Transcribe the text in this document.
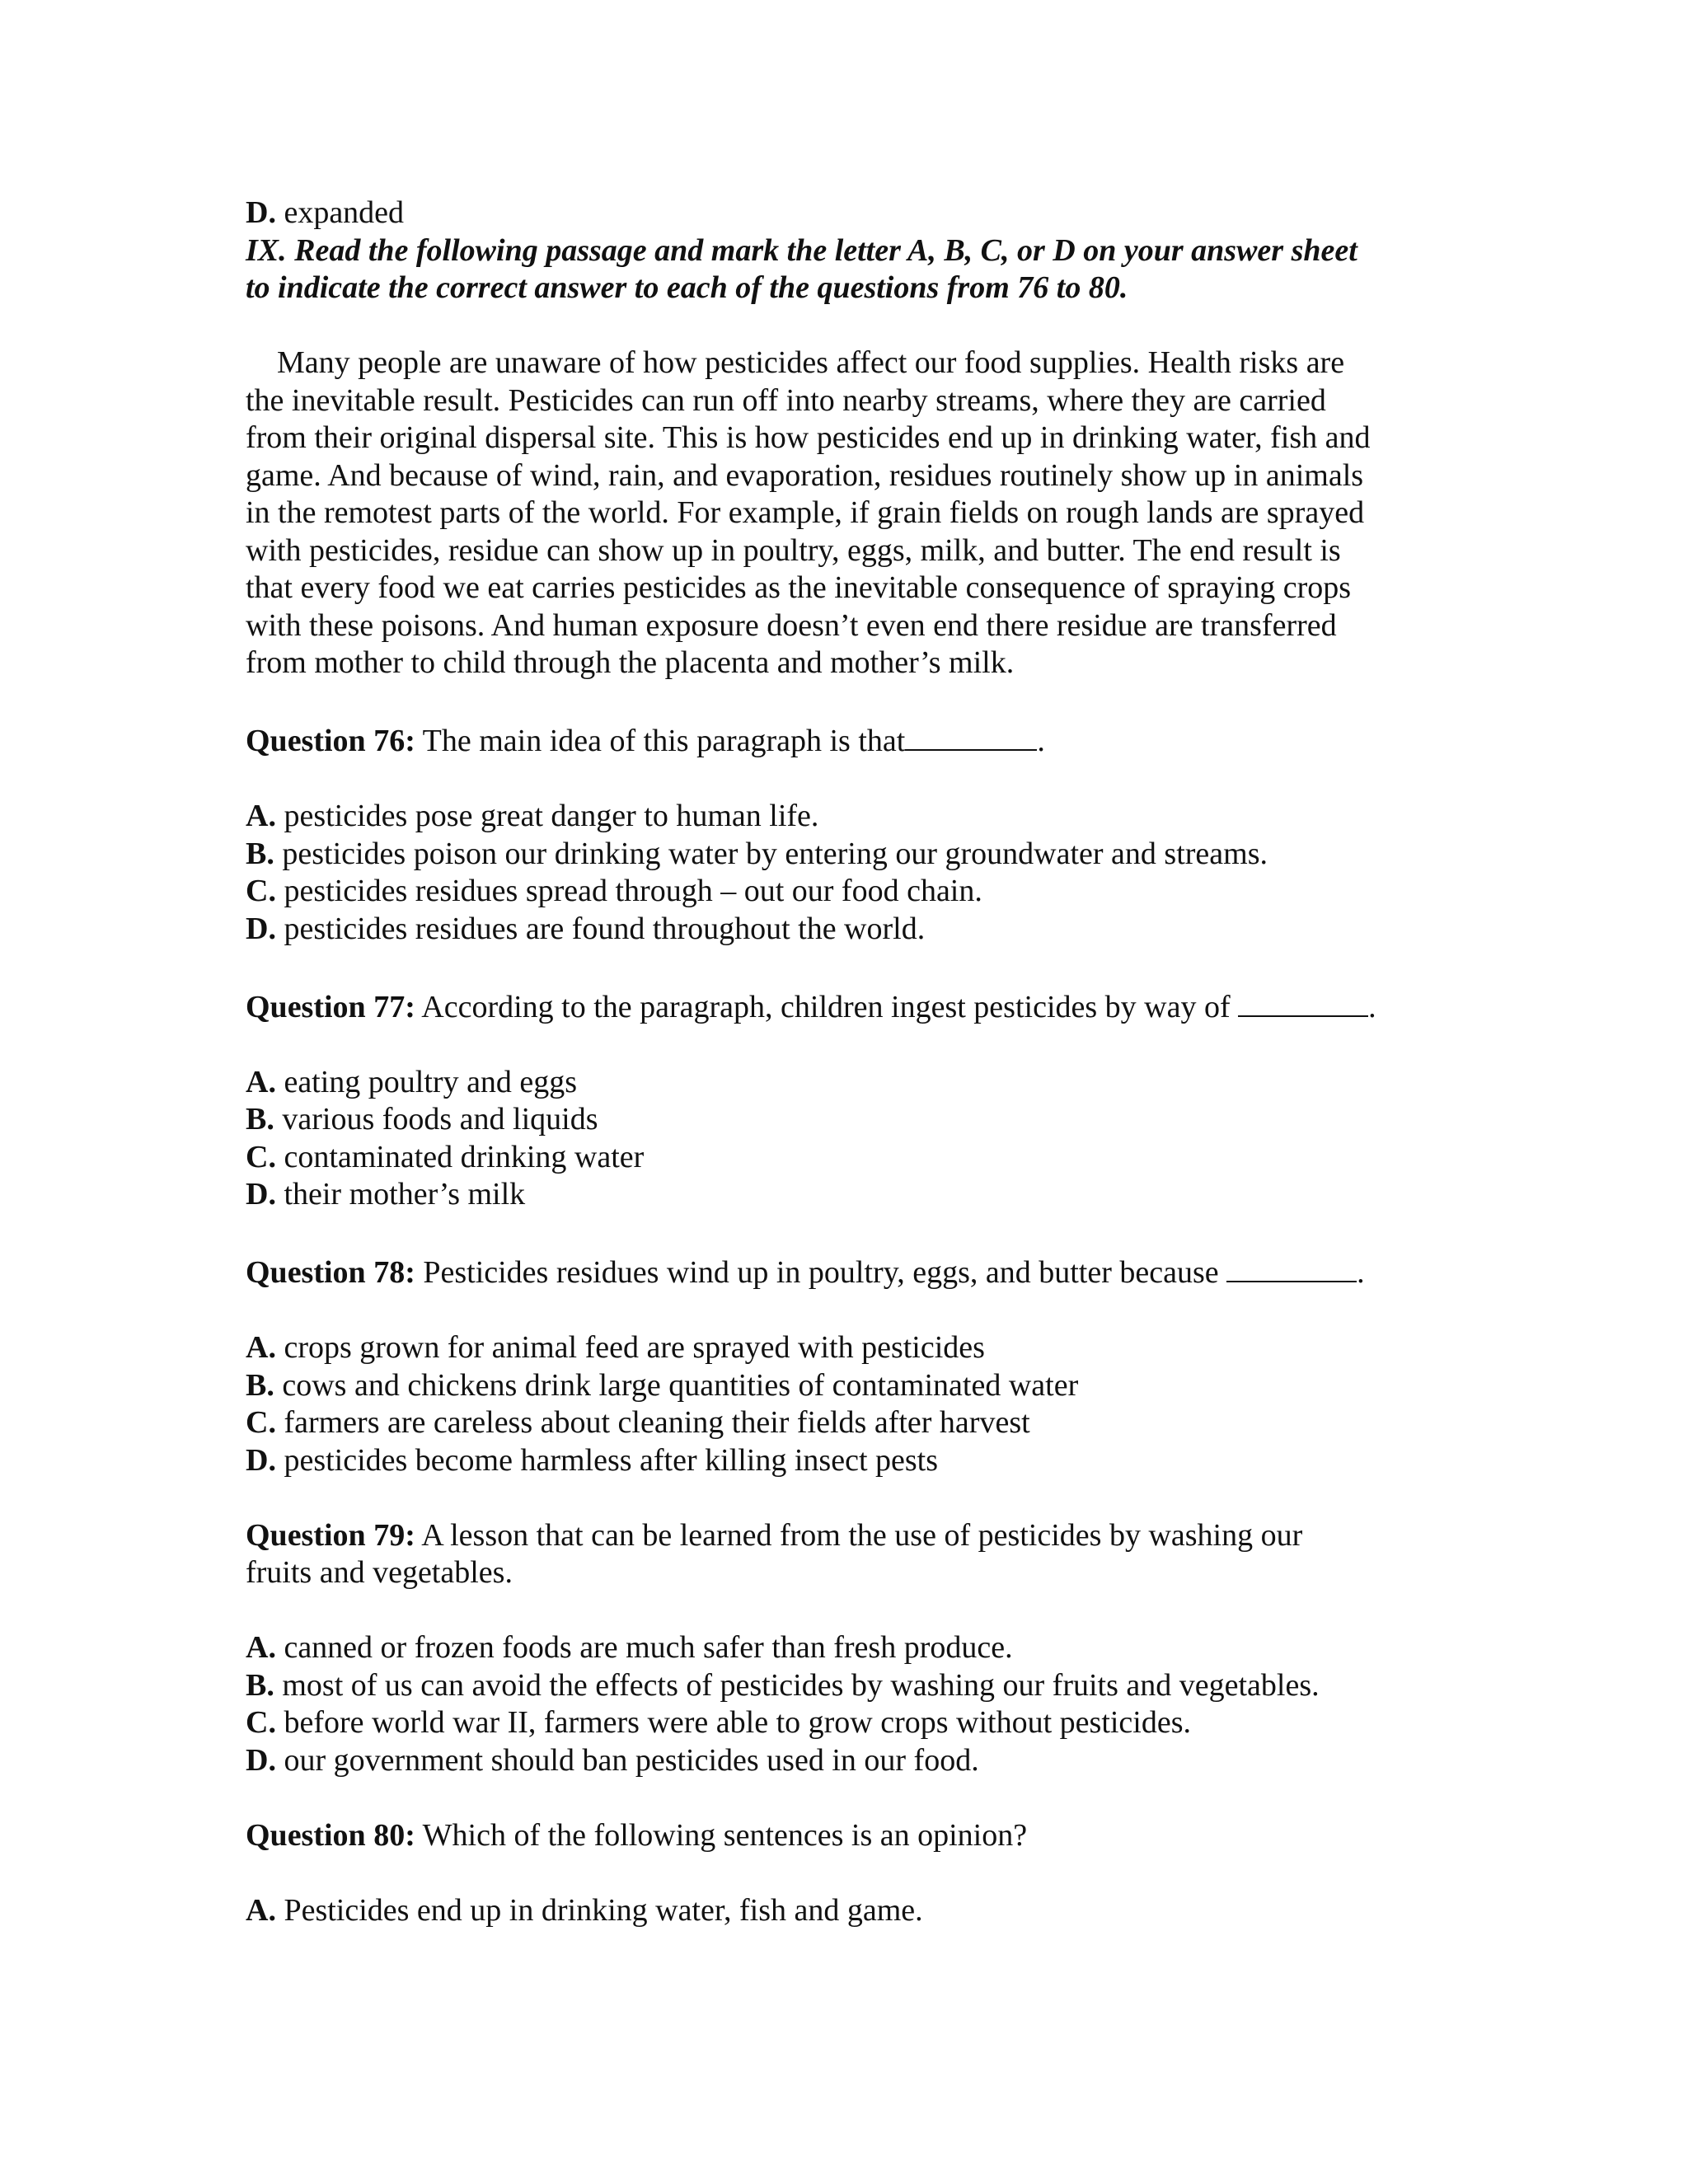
D. expanded
IX. Read the following passage and mark the letter A, B, C, or D on your answer sheet
to indicate the correct answer to each of the questions from 76 to 80.

Many people are unaware of how pesticides affect our food supplies. Health risks are

the inevitable result. Pesticides can run off into nearby streams, where they are carried

from their original dispersal site. This is how pesticides end up in drinking water, fish and

game. And because of wind, rain, and evaporation, residues routinely show up in animals

in the remotest parts of the world. For example, if grain fields on rough lands are sprayed

with pesticides, residue can show up in poultry, eggs, milk, and butter. The end result is

that every food we eat carries pesticides as the inevitable consequence of spraying crops

with these poisons. And human exposure doesn’t even end there residue are transferred

from mother to child through the placenta and mother’s milk.

Question 76: The main idea of this paragraph is that	.
A. pesticides pose great danger to human life.
B. pesticides poison our drinking water by entering our groundwater and streams.
C. pesticides residues spread through – out our food chain.
D. pesticides residues are found throughout the world.
Question 77: According to the paragraph, children ingest pesticides by way of	.
A. eating poultry and eggs
B. various foods and liquids
C. contaminated drinking water
D. their mother’s milk
Question 78: Pesticides residues wind up in poultry, eggs, and butter because	.
A. crops grown for animal feed are sprayed with pesticides
B. cows and chickens drink large quantities of contaminated water
C. farmers are careless about cleaning their fields after harvest
D. pesticides become harmless after killing insect pests
Question 79: A lesson that can be learned from the use of pesticides by washing our
fruits and vegetables.
A. canned or frozen foods are much safer than fresh produce.
B. most of us can avoid the effects of pesticides by washing our fruits and vegetables.
C. before world war II, farmers were able to grow crops without pesticides.
D. our government should ban pesticides used in our food.
Question 80: Which of the following sentences is an opinion?
A. Pesticides end up in drinking water, fish and game.
